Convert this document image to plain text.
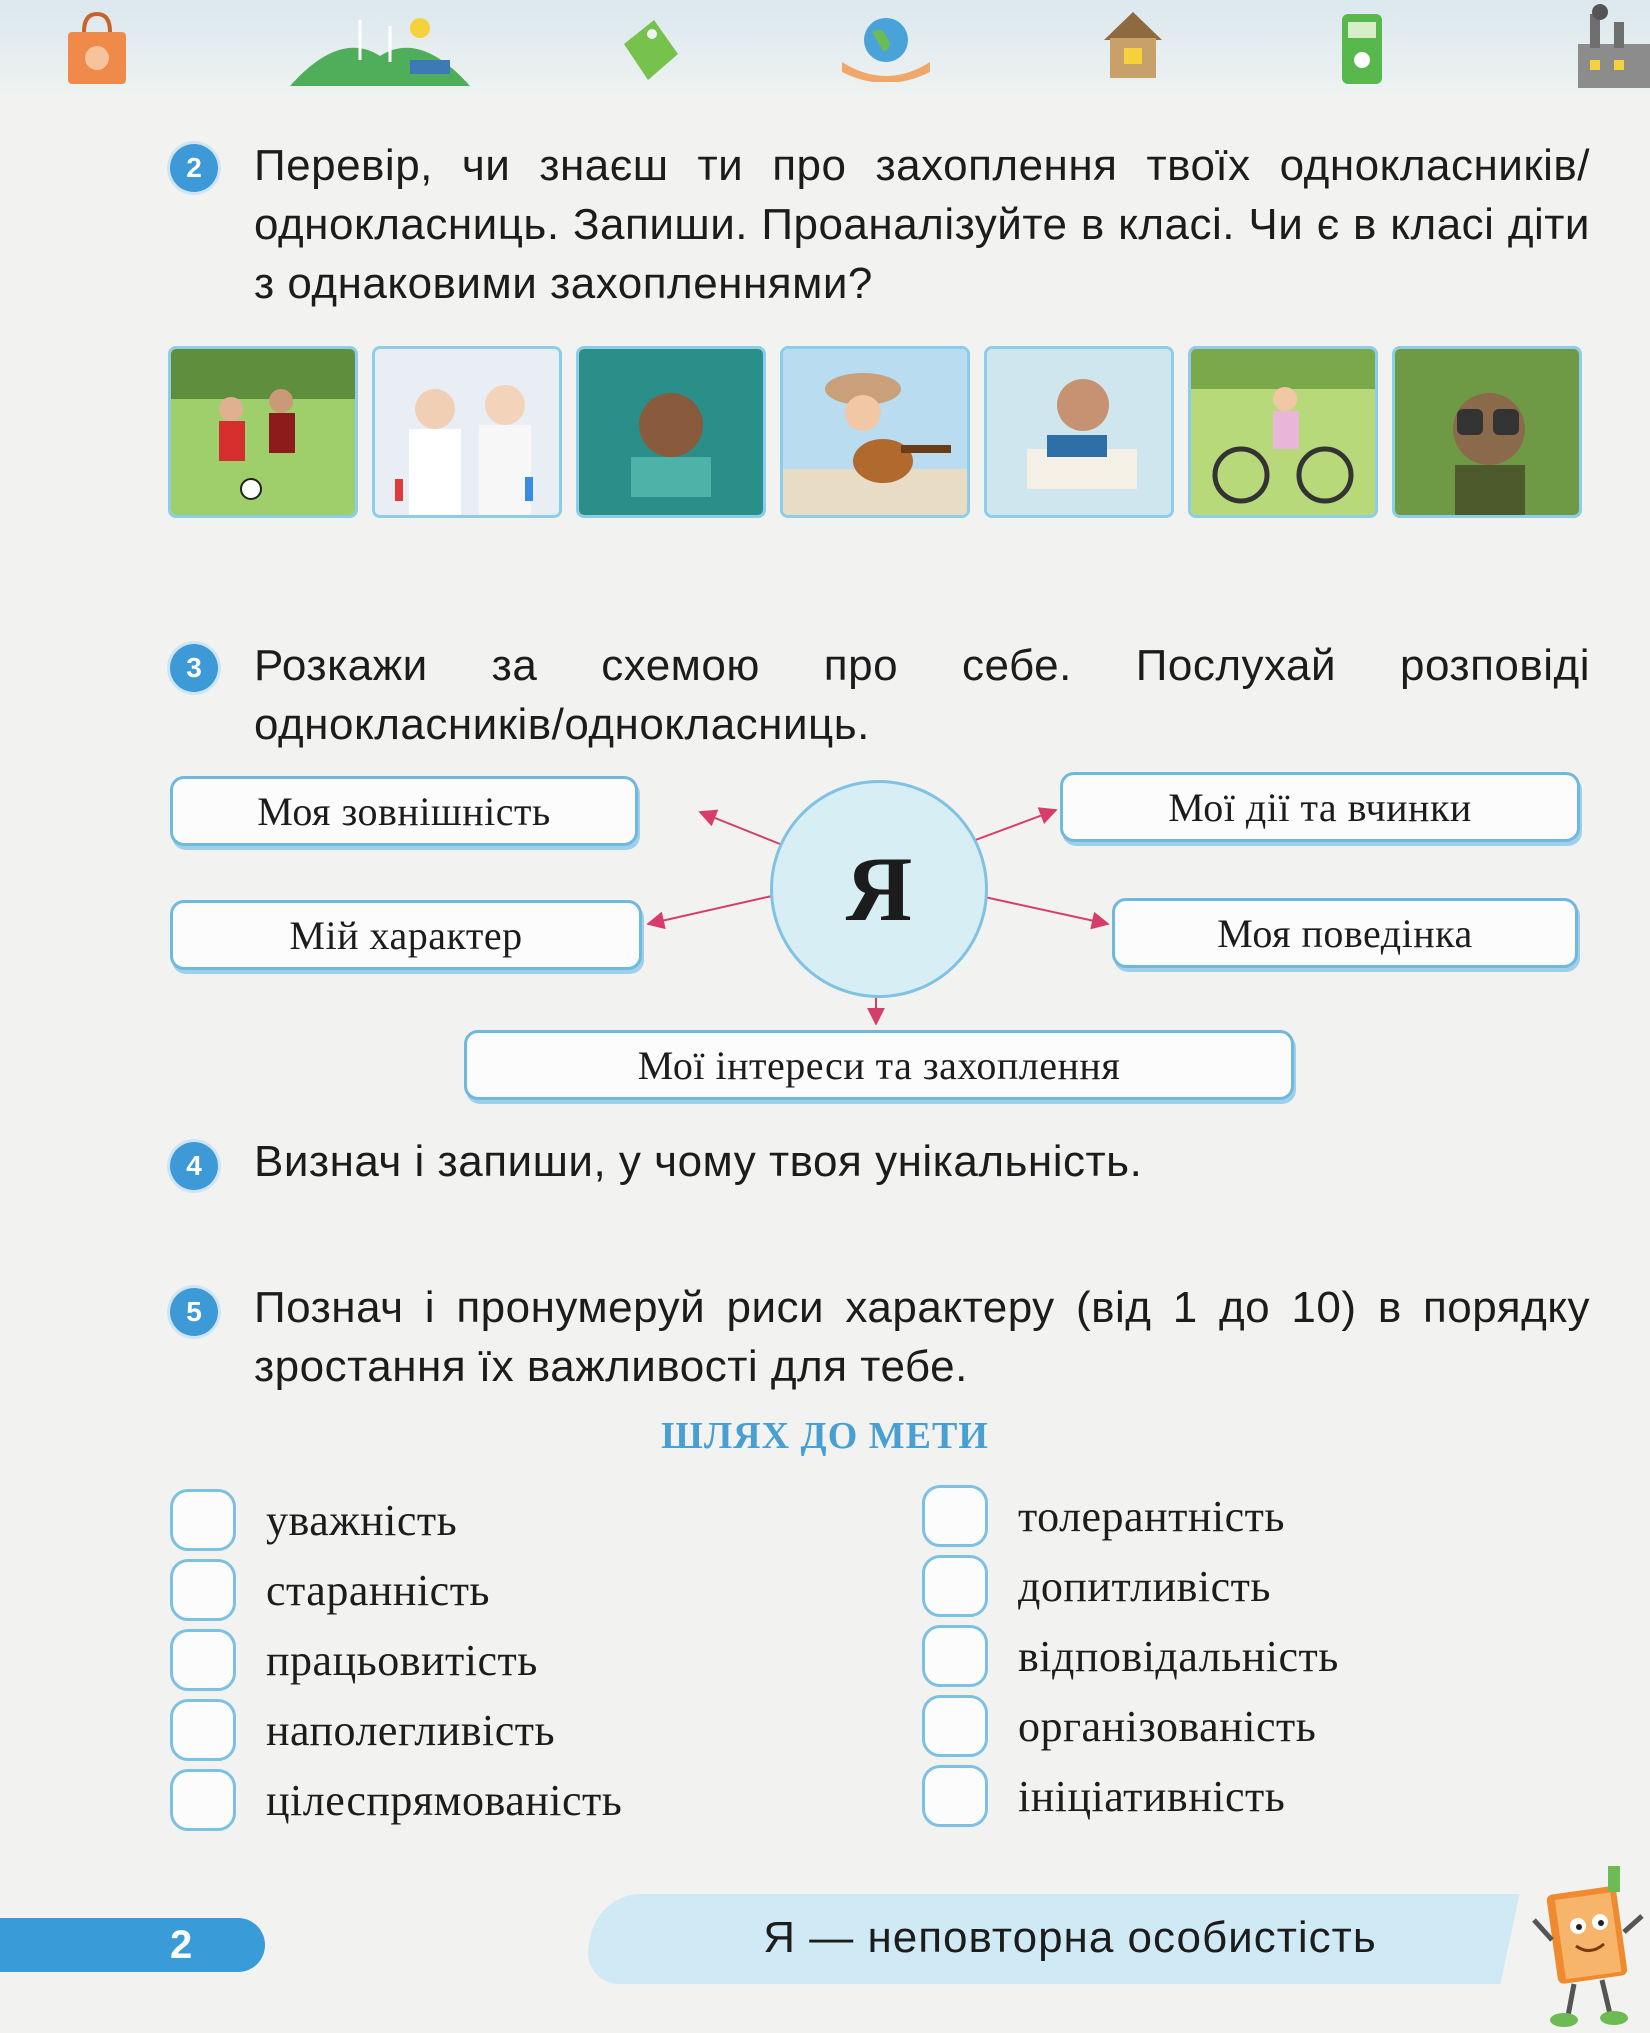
2	Перевір, чи знаєш ти про захоплення твоїх однокласників/однокласниць. Запиши. Проаналізуйте в класі. Чи є в класі діти з однаковими захопленнями?
3	Розкажи за схемою про себе. Послухай розповіді однокласників/однокласниць.
Моя зовнішність	Мої дії та вчинки
Мій характер	Моя поведінка
Мої інтереси та захоплення
Я
4	Визнач і запиши, у чому твоя унікальність.
5	Познач і пронумеруй риси характеру (від 1 до 10) в порядку зростання їх важливості для тебе.
ШЛЯХ ДО МЕТИ
уважність
старанність
працьовитість
наполегливість
цілеспрямованість
толерантність
допитливість
відповідальність
організованість
ініціативність
2	Я — неповторна особистість
